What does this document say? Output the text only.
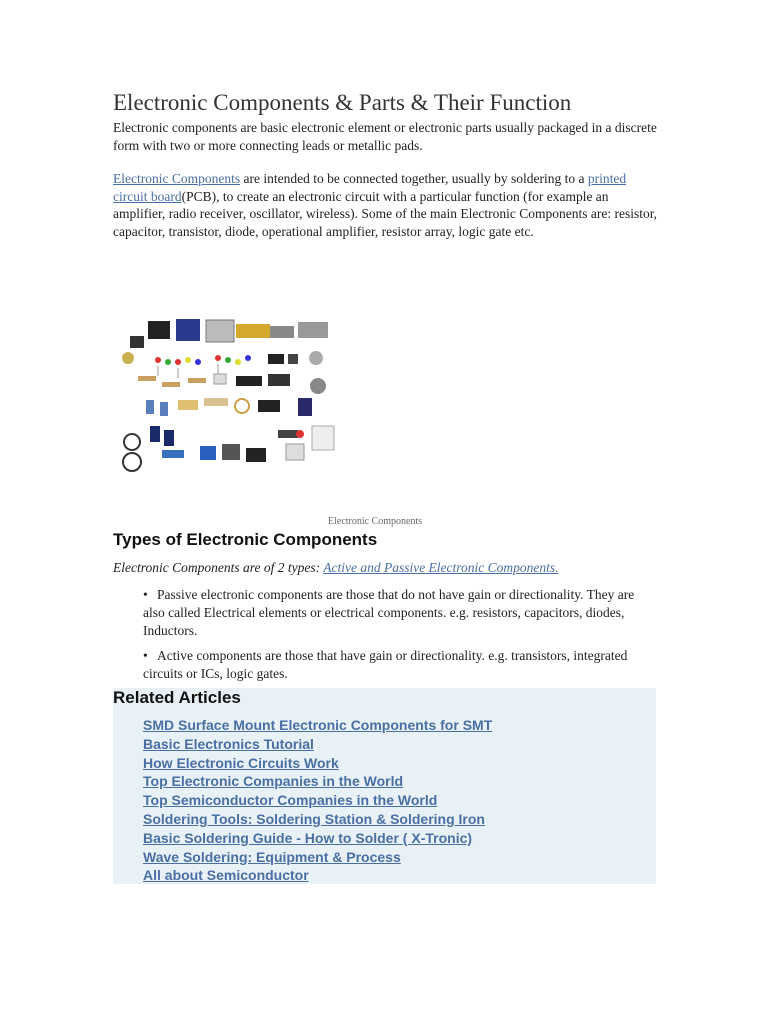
Electronic Components & Parts & Their Function

Electronic components are basic electronic element or electronic parts usually packaged in a discrete form with two or more connecting leads or metallic pads.

Electronic Components are intended to be connected together, usually by soldering to a printed circuit board(PCB), to create an electronic circuit with a particular function (for example an amplifier, radio receiver, oscillator, wireless). Some of the main Electronic Components are: resistor, capacitor, transistor, diode, operational amplifier, resistor array, logic gate etc.

Electronic Components
Types of Electronic Components

Electronic Components are of 2 types: Active and Passive Electronic Components.

• Passive electronic components are those that do not have gain or directionality. They are also called Electrical elements or electrical components. e.g. resistors, capacitors, diodes, Inductors.
• Active components are those that have gain or directionality. e.g. transistors, integrated circuits or ICs, logic gates.
Related Articles
SMD Surface Mount Electronic Components for SMT
Basic Electronics Tutorial
How Electronic Circuits Work
Top Electronic Companies in the World
Top Semiconductor Companies in the World
Soldering Tools: Soldering Station & Soldering Iron
Basic Soldering Guide - How to Solder ( X-Tronic)
Wave Soldering: Equipment & Process
All about Semiconductor
